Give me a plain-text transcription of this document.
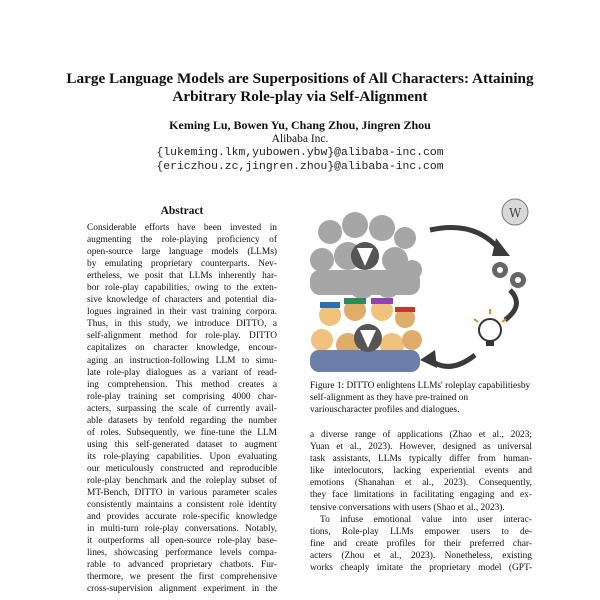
Large Language Models are Superpositions of All Characters: Attaining
Arbitrary Role-play via Self-Alignment
Keming Lu, Bowen Yu, Chang Zhou, Jingren Zhou
Alibaba Inc.
{lukeming.lkm,yubowen.ybw}@alibaba-inc.com
{ericzhou.zc,jingren.zhou}@alibaba-inc.com
Abstract
Considerable efforts have been invested in
augmenting the role-playing proficiency of
open-source large language models (LLMs)
by emulating proprietary counterparts. Nev-
ertheless, we posit that LLMs inherently har-
bor role-play capabilities, owing to the exten-
sive knowledge of characters and potential dia-
logues ingrained in their vast training corpora.
Thus, in this study, we introduce DITTO, a
self-alignment method for role-play. DITTO
capitalizes on character knowledge, encour-
aging an instruction-following LLM to simu-
late role-play dialogues as a variant of read-
ing comprehension. This method creates a
role-play training set comprising 4000 char-
acters, surpassing the scale of currently avail-
able datasets by tenfold regarding the number
of roles. Subsequently, we fine-tune the LLM
using this self-generated dataset to augment
its role-playing capabilities. Upon evaluating
our meticulously constructed and reproducible
role-play benchmark and the roleplay subset of
MT-Bench, DITTO in various parameter scales
consistently maintains a consistent role identity
and provides accurate role-specific knowledge
in multi-turn role-play conversations. Notably,
it outperforms all open-source role-play base-
lines, showcasing performance levels compa-
rable to advanced proprietary chatbots. Fur-
thermore, we present the first comprehensive
cross-supervision alignment experiment in the
W
Figure 1: DITTO enlightens LLMs' roleplay capabilitiesby self-alignment as they have pre-trained on variouscharacter profiles and dialogues.
a diverse range of applications (Zhao et al., 2023;
Yuan et al., 2023). However, designed as universal
task assistants, LLMs typically differ from human-
like interlocutors, lacking experiential events and
emotions (Shanahan et al., 2023). Consequently,
they face limitations in facilitating engaging and ex-
tensive conversations with users (Shao et al., 2023).
To infuse emotional value into user interac-
tions, Role-play LLMs empower users to de-
fine and create profiles for their preferred char-
acters (Zhou et al., 2023). Nonetheless, existing
works cheaply imitate the proprietary model (GPT-
